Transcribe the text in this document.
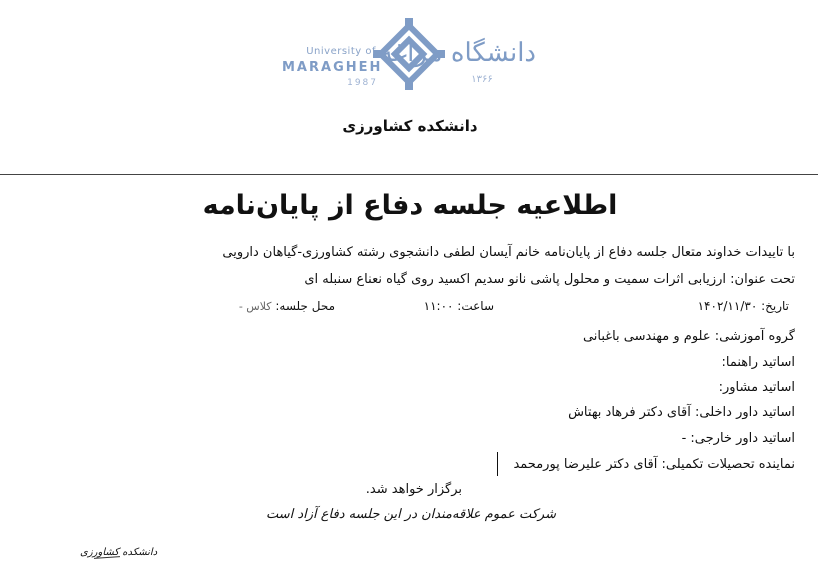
University of
MARAGHEH
1987
دانشگاه مراغه
۱۳۶۶
دانشکده کشاورزی
اطلاعیه جلسه دفاع از پایان‌نامه
با تاییدات خداوند متعال جلسه دفاع از پایان‌نامه خانم آیسان لطفی دانشجوی رشته کشاورزی-گیاهان دارویی
تحت عنوان: ارزیابی اثرات سمیت و محلول پاشی نانو سدیم اکسید روی گیاه نعناع سنبله ای
تاریخ: ۱۴۰۲/۱۱/۳۰
ساعت: ۱۱:۰۰
محل جلسه: کلاس -
گروه آموزشی: علوم و مهندسی باغبانی
اساتید راهنما:
اساتید مشاور:
اساتید داور داخلی: آقای دکتر فرهاد بهتاش
اساتید داور خارجی: -
نماینده تحصیلات تکمیلی: آقای دکتر علیرضا پورمحمد
برگزار خواهد شد.
شرکت عموم علاقه‌مندان در این جلسه دفاع آزاد است
دانشکده کشاورزی
